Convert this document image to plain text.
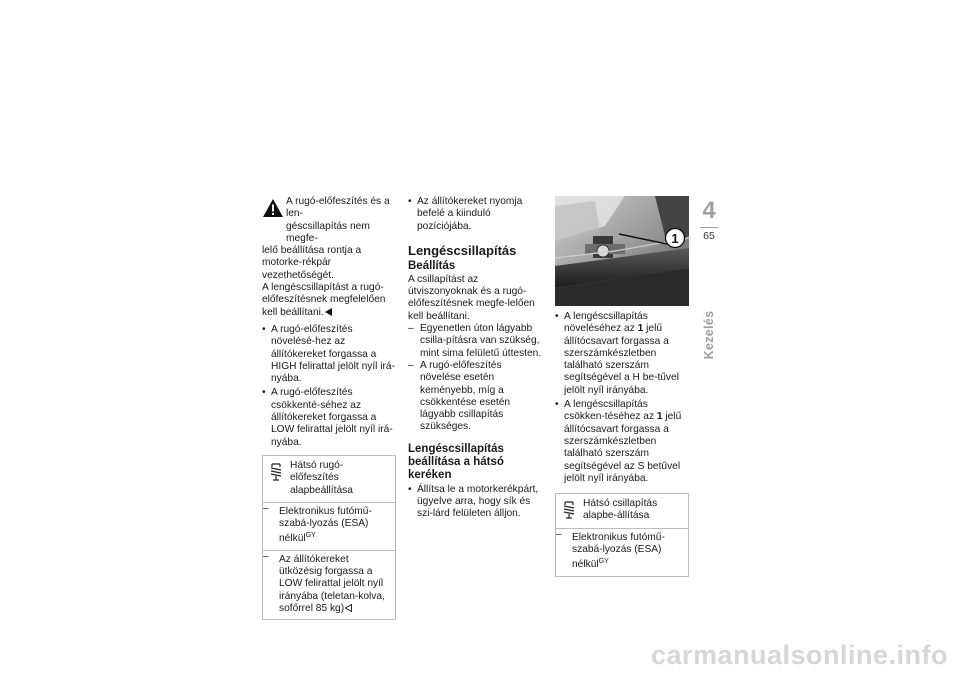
A rugó-előfeszítés és a len-

géscsillapítás nem megfe-

lelő beállítása rontja a motorke-rékpár vezethetőségét.

A lengéscsillapítást a rugó-előfeszítésnek megfelelően kell beállítani.

• A rugó-előfeszítés növelésé-hez az állítókereket forgassa a HIGH felirattal jelölt nyíl irá-nyába.

• A rugó-előfeszítés csökkenté-séhez az állítókereket forgassa a LOW felirattal jelölt nyíl irá-nyába.

Hátsó rugó-előfeszítés alapbeállítása
– Elektronikus futómű-szabá-lyozás (ESA) nélkül$^{GY}$
– Az állítókereket ütközésig forgassa a LOW felirattal jelölt nyíl irányába (teletan-kolva, sofőrrel 85 kg)

• Az állítókereket nyomja befelé a kiinduló pozíciójába.

Lengéscsillapítás
Beállítás

A csillapítást az útviszonyoknak és a rugó-előfeszítésnek megfe-lelően kell beállítani.

– Egyenetlen úton lágyabb csilla-pításra van szükség, mint sima felületű úttesten.

– A rugó-előfeszítés növelése esetén keményebb, míg a csökkentése esetén lágyabb csillapítás szükséges.

Lengéscsillapítás beállítása a hátsó keréken

• Állítsa le a motorkerékpárt, ügyelve arra, hogy sík és szi-lárd felületen álljon.

1

• A lengéscsillapítás növeléséhez az 1 jelű állítócsavart forgassa a szerszámkészletben található szerszám segítségével a H be-tűvel jelölt nyíl irányába.

• A lengéscsillapítás csökken-téséhez az 1 jelű állítócsavart forgassa a szerszámkészletben található szerszám segítségével az S betűvel jelölt nyíl irányába.

Hátsó csillapítás alapbe-állítása
– Elektronikus futómű-szabá-lyozás (ESA) nélkül$^{GY}$
4
65
Kezelés
carmanualsonline.info
